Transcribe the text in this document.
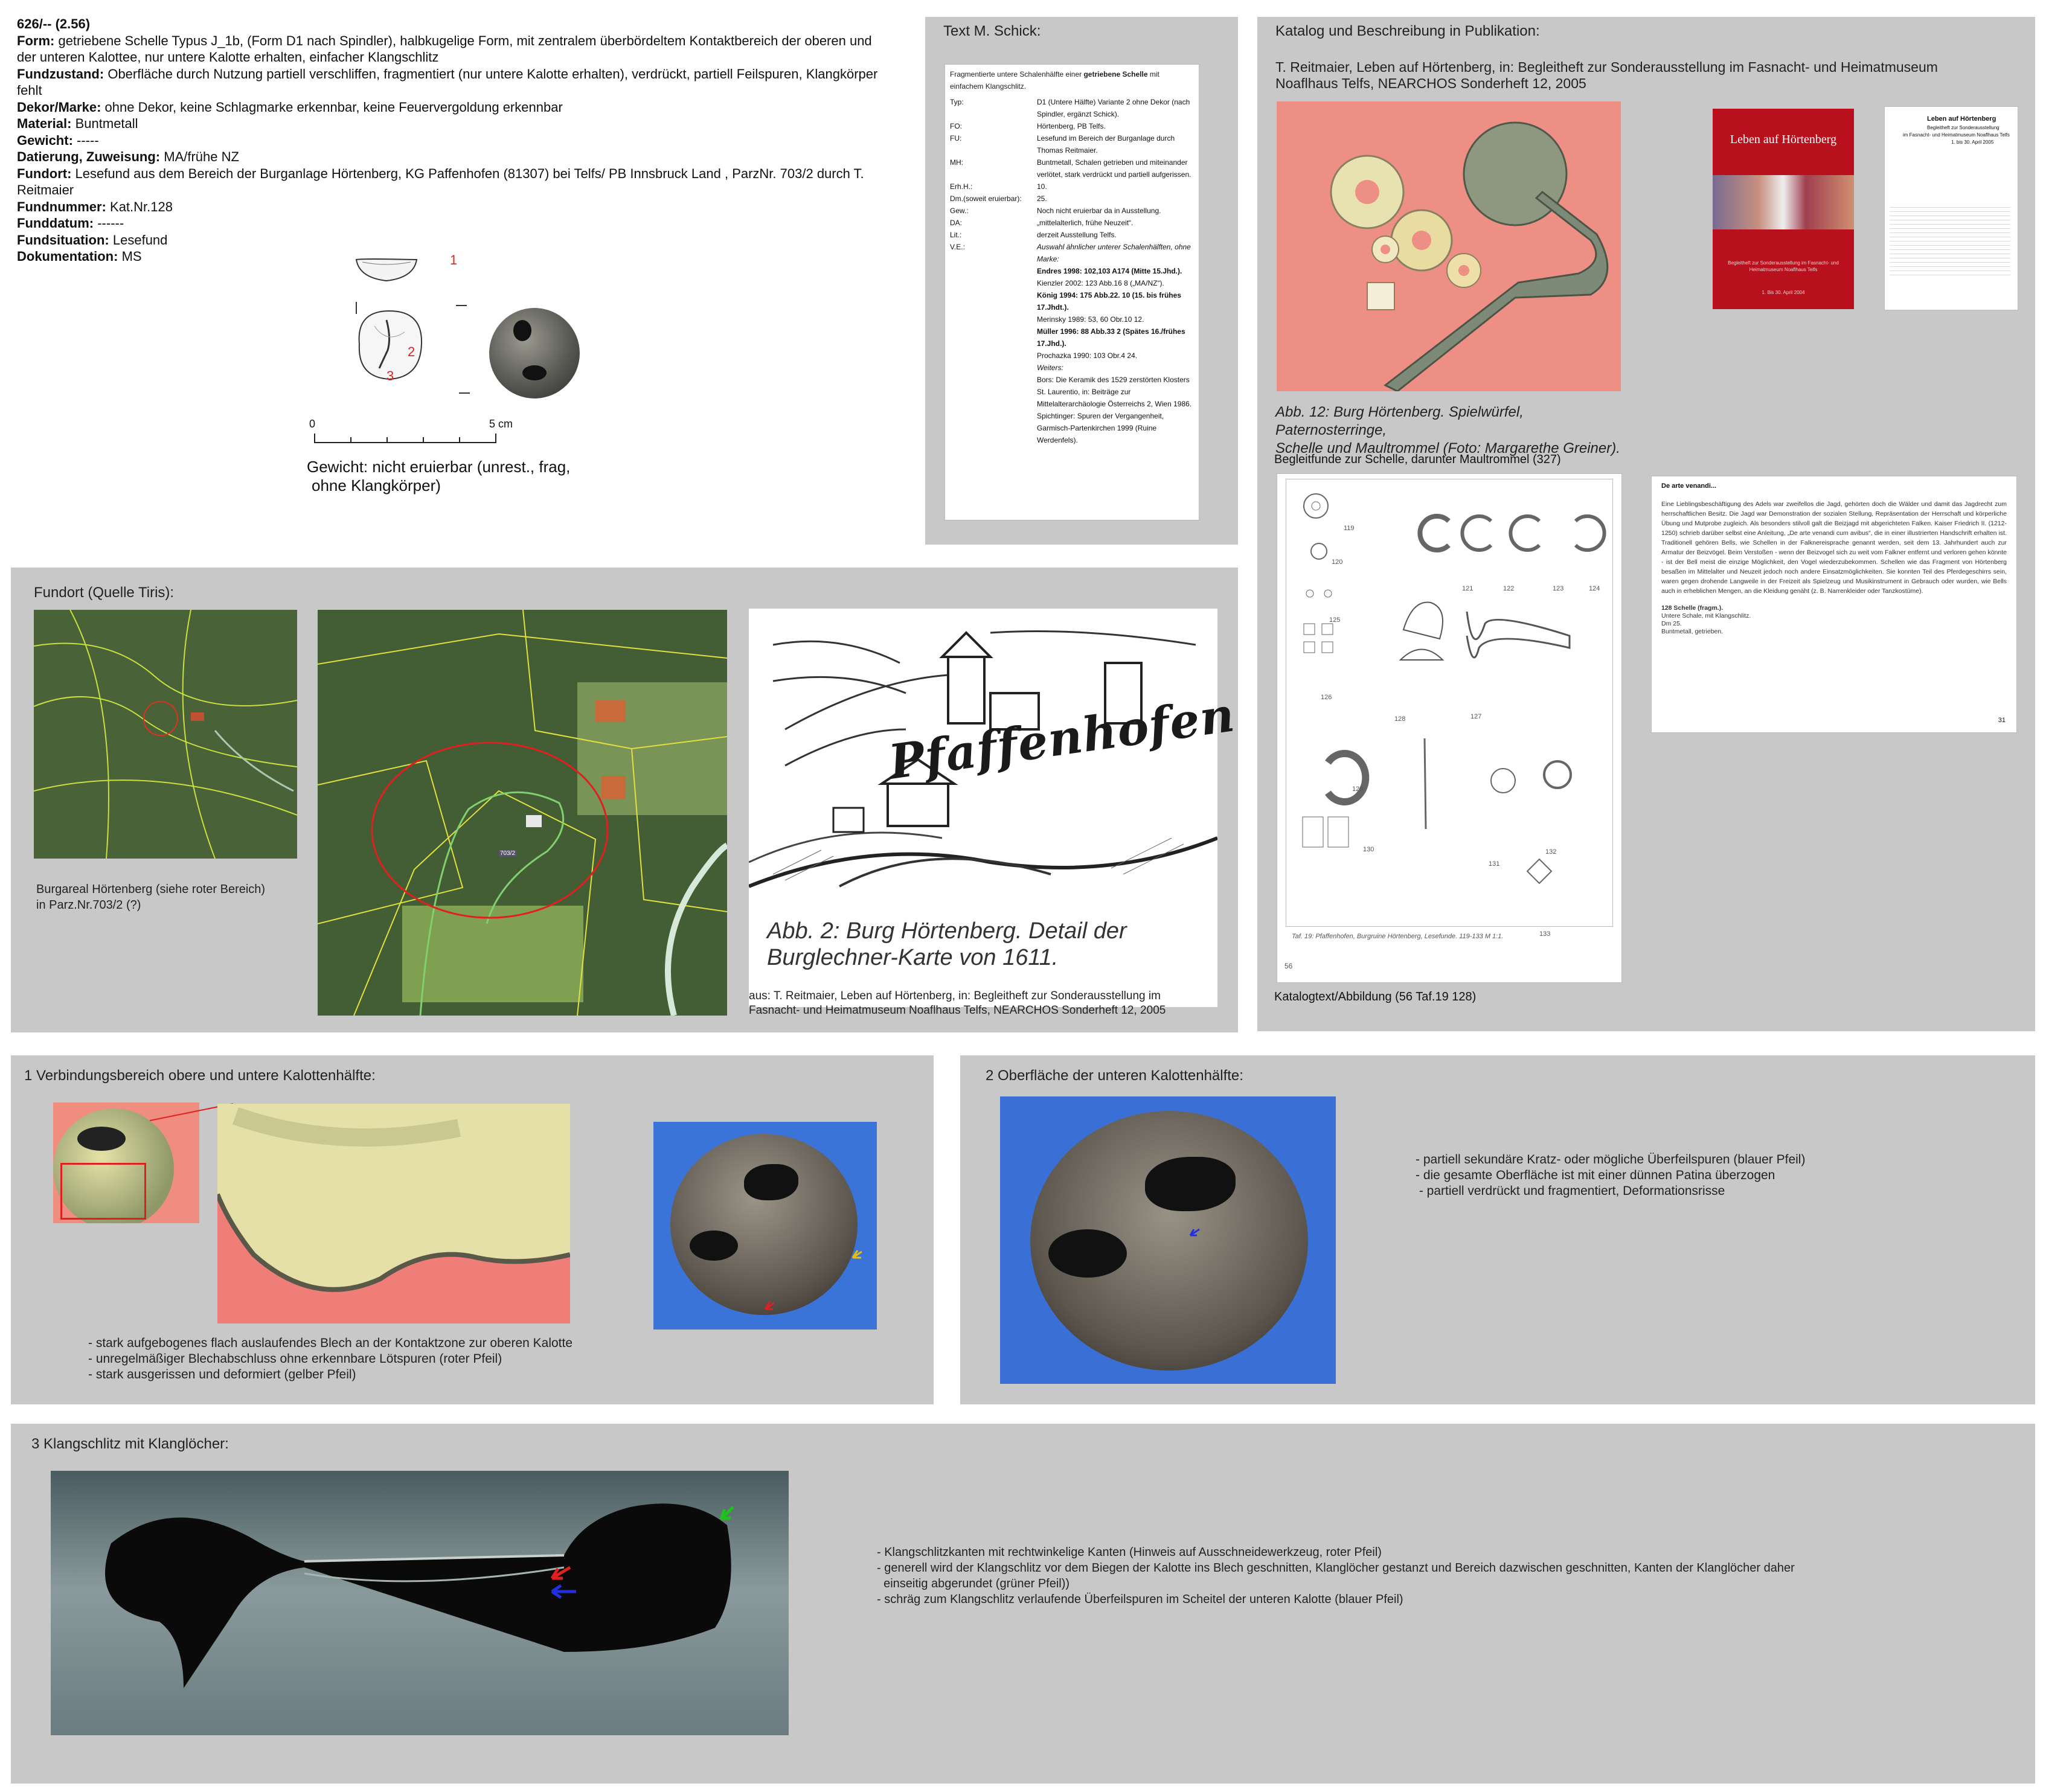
626/-- (2.56)
Form: getriebene Schelle Typus J_1b, (Form D1 nach Spindler), halbkugelige Form, mit zentralem überbördeltem Kontaktbereich der oberen und der unteren Kalottee, nur untere Kalotte erhalten, einfacher Klangschlitz
Fundzustand: Oberfläche durch Nutzung partiell verschliffen, fragmentiert (nur untere Kalotte erhalten), verdrückt, partiell Feilspuren, Klangkörper fehlt
Dekor/Marke: ohne Dekor, keine Schlagmarke erkennbar, keine Feuervergoldung erkennbar
Material: Buntmetall
Gewicht: -----
Datierung, Zuweisung: MA/frühe NZ
Fundort: Lesefund aus dem Bereich der Burganlage Hörtenberg, KG Paffenhofen (81307) bei Telfs/ PB Innsbruck Land , ParzNr. 703/2 durch T. Reitmaier
Fundnummer: Kat.Nr.128
Funddatum: ------
Fundsituation: Lesefund
Dokumentation: MS	1
2
3
0	5 cm
Gewicht: nicht eruierbar (unrest., frag,
ohne Klangkörper)
Text M. Schick:
Fragmentierte untere Schalenhälfte einer getriebene Schelle mit einfachem Klangschlitz.
Typ:	D1 (Untere Hälfte) Variante 2 ohne Dekor (nach Spindler, ergänzt Schick).
FO:	Hörtenberg, PB Telfs.
FU:	Lesefund im Bereich der Burganlage durch Thomas Reitmaier.
MH:	Buntmetall, Schalen getrieben und miteinander verlötet, stark verdrückt und partiell aufgerissen.
Erh.H.:	10.
Dm.(soweit eruierbar):	25.
Gew.:	Noch nicht eruierbar da in Ausstellung.
DA:	„mittelalterlich, frühe Neuzeit“.
Lit.:	derzeit Ausstellung Telfs.
V.E.:	Auswahl ähnlicher unterer Schalenhälften, ohne Marke:
Endres 1998: 102,103 A174 (Mitte 15.Jhd.).
Kienzler 2002: 123 Abb.16 8 („MA/NZ“).
König 1994: 175 Abb.22. 10 (15. bis frühes 17.Jhdt.).
Merinsky 1989: 53, 60 Obr.10 12.
Müller 1996: 88 Abb.33 2 (Spätes 16./frühes 17.Jhd.).
Prochazka 1990: 103 Obr.4 24.
Weiters:
Bors: Die Keramik des 1529 zerstörten Klosters St. Laurentio, in: Beiträge zur Mittelalterarchäologie Österreichs 2, Wien 1986.
Spichtinger: Spuren der Vergangenheit, Garmisch-Partenkirchen 1999 (Ruine Werdenfels).
Katalog und Beschreibung in Publikation:
T. Reitmaier, Leben auf Hörtenberg, in: Begleitheft zur Sonderausstellung im Fasnacht- und Heimatmuseum
Noaflhaus Telfs, NEARCHOS Sonderheft 12, 2005
Abb. 12: Burg Hörtenberg. Spielwürfel, Paternosterringe,
Schelle und Maultrommel (Foto: Margarethe Greiner).
Leben auf Hörtenberg
Begleitheft zur Sonderausstellung im Fasnacht- und Heimatmuseum Noaflhaus Telfs
1. Bis 30. April 2004
Leben auf Hörtenberg
Begleitheft zur Sonderausstellung
im Fasnacht- und Heimatmuseum Noaflhaus Telfs
1. bis 30. April 2005
Begleitfunde zur Schelle, darunter Maultrommel (327)
119
120
121	122	123	124
125
126
127
128
129
130
131
132
133
Taf. 19: Pfaffenhofen, Burgruine Hörtenberg, Lesefunde. 119-133 M 1:1.
56
De arte venandi...
Eine Lieblingsbeschäftigung des Adels war zweifellos die Jagd, gehörten doch die Wälder und damit das Jagdrecht zum herrschaftlichen Besitz. Die Jagd war Demonstration der sozialen Stellung, Repräsentation der Herrschaft und körperliche Übung und Mutprobe zugleich. Als besonders stilvoll galt die Beizjagd mit abgerichteten Falken. Kaiser Friedrich II. (1212-1250) schrieb darüber selbst eine Anleitung, „De arte venandi cum avibus“, die in einer illustrierten Handschrift erhalten ist. Traditionell gehören Bells, wie Schellen in der Falknereisprache genannt werden, seit dem 13. Jahrhundert auch zur Armatur der Beizvögel. Beim Verstoßen - wenn der Beizvogel sich zu weit vom Falkner entfernt und verloren gehen könnte - ist der Bell meist die einzige Möglichkeit, den Vogel wiederzubekommen. Schellen wie das Fragment von Hörtenberg besaßen im Mittelalter und Neuzeit jedoch noch andere Einsatzmöglichkeiten. Sie konnten Teil des Pferdegeschirrs sein, waren gegen drohende Langweile in der Freizeit als Spielzeug und Musikinstrument in Gebrauch oder wurden, wie Bells auch in erheblichen Mengen, an die Kleidung genäht (z. B. Narrenkleider oder Tanzkostüme).
128 Schelle (fragm.).
Untere Schale, mit Klangschlitz.
Dm 25.
Buntmetall, getrieben.
31
Katalogtext/Abbildung (56 Taf.19 128)
Fundort (Quelle Tiris):
Burgareal Hörtenberg (siehe roter Bereich)
in Parz.Nr.703/2 (?)
703/2
Pfaffenhofen
Abb. 2: Burg Hörtenberg. Detail der
Burglechner-Karte von 1611.
aus: T. Reitmaier, Leben auf Hörtenberg, in: Begleitheft zur Sonderausstellung im
Fasnacht- und Heimatmuseum Noaflhaus Telfs, NEARCHOS Sonderheft 12, 2005
1 Verbindungsbereich obere und untere Kalottenhälfte:
- stark aufgebogenes flach auslaufendes Blech an der Kontaktzone zur oberen Kalotte
- unregelmäßiger Blechabschluss ohne erkennbare Lötspuren (roter Pfeil)
- stark ausgerissen und deformiert (gelber Pfeil)
2 Oberfläche der unteren Kalottenhälfte:
- partiell sekundäre Kratz- oder mögliche Überfeilspuren (blauer Pfeil)
- die gesamte Oberfläche ist mit einer dünnen Patina überzogen
- partiell verdrückt und fragmentiert, Deformationsrisse
3 Klangschlitz mit Klanglöcher:
- Klangschlitzkanten mit rechtwinkelige Kanten (Hinweis auf Ausschneidewerkzeug, roter Pfeil)
- generell wird der Klangschlitz vor dem Biegen der Kalotte ins Blech geschnitten, Klanglöcher gestanzt und Bereich dazwischen geschnitten, Kanten der Klanglöcher daher
einseitig abgerundet (grüner Pfeil))
- schräg zum Klangschlitz verlaufende Überfeilspuren im Scheitel der unteren Kalotte (blauer Pfeil)
